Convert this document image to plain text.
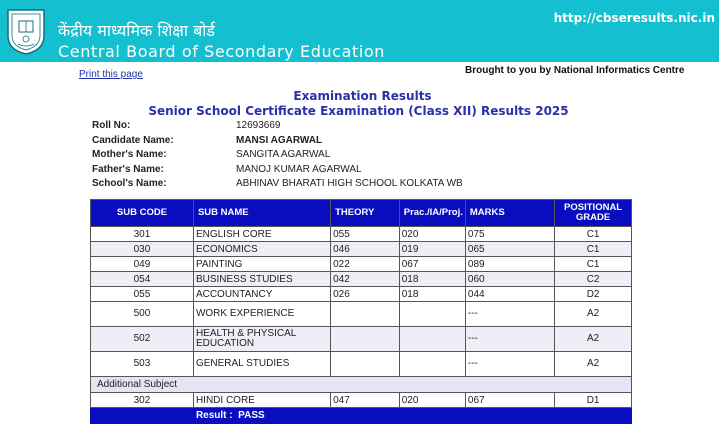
केंद्रीय माध्यमिक शिक्षा बोर्ड
Central Board of Secondary Education
http://cbseresults.nic.in
Print this page	Brought to you by National Informatics Centre
Examination Results
Senior School Certificate Examination (Class XII) Results 2025
Roll No:	12693669
Candidate Name:	MANSI AGARWAL
Mother's Name:	SANGITA AGARWAL
Father's Name:	MANOJ KUMAR AGARWAL
School's Name:	ABHINAV BHARATI HIGH SCHOOL KOLKATA WB
SUB CODE	SUB NAME	THEORY	Prac./IA/Proj.	MARKS	POSITIONAL GRADE
301	ENGLISH CORE	055	020	075	C1
030	ECONOMICS	046	019	065	C1
049	PAINTING	022	067	089	C1
054	BUSINESS STUDIES	042	018	060	C2
055	ACCOUNTANCY	026	018	044	D2
500	WORK EXPERIENCE			---	A2
502	HEALTH & PHYSICAL EDUCATION			---	A2
503	GENERAL STUDIES			---	A2
Additional Subject					
302	HINDI CORE	047	020	067	D1
	Result : PASS				
